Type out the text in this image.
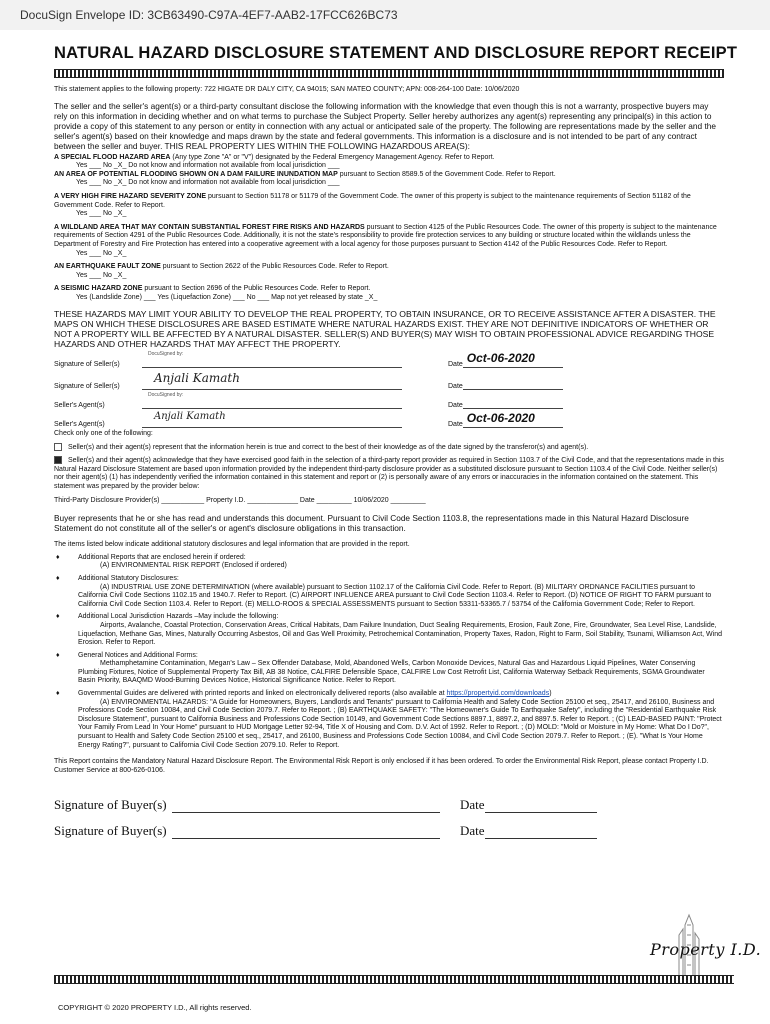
DocuSign Envelope ID: 3CB63490-C97A-4EF7-AAB2-17FCC626BC73
NATURAL HAZARD DISCLOSURE STATEMENT AND DISCLOSURE REPORT RECEIPT
This statement applies to the following property: 722 HIGATE DR DALY CITY, CA 94015; SAN MATEO COUNTY; APN: 008-264-100 Date: 10/06/2020
The seller and the seller's agent(s) or a third-party consultant disclose the following information with the knowledge that even though this is not a warranty, prospective buyers may rely on this information in deciding whether and on what terms to purchase the Subject Property. Seller hereby authorizes any agent(s) representing any principal(s) in this action to provide a copy of this statement to any person or entity in connection with any actual or anticipated sale of the property. The following are representations made by the seller and the seller's agent(s) based on their knowledge and maps drawn by the state and federal governments. This information is a disclosure and is not intended to be part of any contract between the seller and buyer. THIS REAL PROPERTY LIES WITHIN THE FOLLOWING HAZARDOUS AREA(S):
A SPECIAL FLOOD HAZARD AREA (Any type Zone "A" or "V") designated by the Federal Emergency Management Agency. Refer to Report.
Yes ___ No _X_ Do not know and information not available from local jurisdiction ___
AN AREA OF POTENTIAL FLOODING SHOWN ON A DAM FAILURE INUNDATION MAP pursuant to Section 8589.5 of the Government Code. Refer to Report.
Yes ___ No _X_ Do not know and information not available from local jurisdiction ___
A VERY HIGH FIRE HAZARD SEVERITY ZONE pursuant to Section 51178 or 51179 of the Government Code. The owner of this property is subject to the maintenance requirements of Section 51182 of the Government Code. Refer to Report.
Yes ___ No _X_
A WILDLAND AREA THAT MAY CONTAIN SUBSTANTIAL FOREST FIRE RISKS AND HAZARDS pursuant to Section 4125 of the Public Resources Code. The owner of this property is subject to the maintenance requirements of Section 4291 of the Public Resources Code. Additionally, it is not the state's responsibility to provide fire protection services to any building or structure located within the wildlands unless the Department of Forestry and Fire Protection has entered into a cooperative agreement with a local agency for those purposes pursuant to Section 4142 of the Public Resources Code. Refer to Report.
Yes ___ No _X_
AN EARTHQUAKE FAULT ZONE pursuant to Section 2622 of the Public Resources Code. Refer to Report.
Yes ___ No _X_
A SEISMIC HAZARD ZONE pursuant to Section 2696 of the Public Resources Code. Refer to Report.
Yes (Landslide Zone) ___ Yes (Liquefaction Zone) ___ No ___ Map not yet released by state _X_
THESE HAZARDS MAY LIMIT YOUR ABILITY TO DEVELOP THE REAL PROPERTY, TO OBTAIN INSURANCE, OR TO RECEIVE ASSISTANCE AFTER A DISASTER. THE MAPS ON WHICH THESE DISCLOSURES ARE BASED ESTIMATE WHERE NATURAL HAZARDS EXIST. THEY ARE NOT DEFINITIVE INDICATORS OF WHETHER OR NOT A PROPERTY WILL BE AFFECTED BY A NATURAL DISASTER. SELLER(S) AND BUYER(S) MAY WISH TO OBTAIN PROFESSIONAL ADVICE REGARDING THOSE HAZARDS AND OTHER HAZARDS THAT MAY AFFECT THE PROPERTY.
Signature of Seller(s)
DocuSigned by:
Date Oct-06-2020
Signature of Seller(s)
Anjali Kamath
Date
Seller's Agent(s)
DocuSigned by:
Date
Seller's Agent(s)
Anjali Kamath
Date Oct-06-2020
Check only one of the following:
Seller(s) and their agent(s) represent that the information herein is true and correct to the best of their knowledge as of the date signed by the transferor(s) and agent(s).
Seller(s) and their agent(s) acknowledge that they have exercised good faith in the selection of a third-party report provider as required in Section 1103.7 of the Civil Code, and that the representations made in this Natural Hazard Disclosure Statement are based upon information provided by the independent third-party disclosure provider as a substituted disclosure pursuant to Section 1103.4 of the Civil Code. Neither seller(s) nor their agent(s) (1) has independently verified the information contained in this statement and report or (2) is personally aware of any errors or inaccuracies in the information contained on the statement. This statement was prepared by the provider below:
Third-Party Disclosure Provider(s) ___________ Property I.D. _____________ Date _________ 10/06/2020 _________
Buyer represents that he or she has read and understands this document. Pursuant to Civil Code Section 1103.8, the representations made in this Natural Hazard Disclosure Statement do not constitute all of the seller's or agent's disclosure obligations in this transaction.
The items listed below indicate additional statutory disclosures and legal information that are provided in the report.
♦	Additional Reports that are enclosed herein if ordered:
(A) ENVIRONMENTAL RISK REPORT (Enclosed if ordered)
♦	Additional Statutory Disclosures:
(A) INDUSTRIAL USE ZONE DETERMINATION (where available) pursuant to Section 1102.17 of the California Civil Code. Refer to Report. (B) MILITARY ORDNANCE FACILITIES pursuant to California Civil Code Sections 1102.15 and 1940.7. Refer to Report. (C) AIRPORT INFLUENCE AREA pursuant to Civil Code Section 1103.4. Refer to Report. (D) NOTICE OF RIGHT TO FARM pursuant to California Civil Code Section 1103.4. Refer to Report. (E) MELLO-ROOS & SPECIAL ASSESSMENTS pursuant to Section 53311-53365.7 / 53754 of the California Government Code; Refer to Report.
♦	Additional Local Jurisdiction Hazards –May include the following:
Airports, Avalanche, Coastal Protection, Conservation Areas, Critical Habitats, Dam Failure Inundation, Duct Sealing Requirements, Erosion, Fault Zone, Fire, Groundwater, Sea Level Rise, Landslide, Liquefaction, Methane Gas, Mines, Naturally Occurring Asbestos, Oil and Gas Well Proximity, Petrochemical Contamination, Property Taxes, Radon, Right to Farm, Soil Stability, Tsunami, Williamson Act, Wind Erosion. Refer to Report.
♦	General Notices and Additional Forms:
Methamphetamine Contamination, Megan's Law – Sex Offender Database, Mold, Abandoned Wells, Carbon Monoxide Devices, Natural Gas and Hazardous Liquid Pipelines, Water Conserving Plumbing Fixtures, Notice of Supplemental Property Tax Bill, AB 38 Notice, CALFIRE Defensible Space, CALFIRE Low Cost Retrofit List, California Waterway Setback Requirements, SGMA Groundwater Basin Priority, BAAQMD Wood-Burning Devices Notice, Historical Significance Notice. Refer to Report.
♦	Governmental Guides are delivered with printed reports and linked on electronically delivered reports (also available at https://propertyid.com/downloads)
(A) ENVIRONMENTAL HAZARDS: "A Guide for Homeowners, Buyers, Landlords and Tenants" pursuant to California Health and Safety Code Section 25100 et seq., 25417, and 26100, Business and Professions Code Section 10084, and Civil Code Section 2079.7. Refer to Report. ; (B) EARTHQUAKE SAFETY: "The Homeowner's Guide To Earthquake Safety", including the "Residential Earthquake Risk Disclosure Statement", pursuant to California Business and Professions Code Section 10149, and Government Code Sections 8897.1, 8897.2, and 8897.5. Refer to Report. ; (C) LEAD-BASED PAINT: "Protect Your Family From Lead In Your Home" pursuant to HUD Mortgage Letter 92-94, Title X of Housing and Com. D.V. Act of 1992. Refer to Report. ; (D) MOLD: "Mold or Moisture in My Home: What Do I Do?", pursuant to Health and Safety Code Section 25100 et seq., 25417, and 26100, Business and Professions Code Section 10084, and Civil Code Section 2079.7. Refer to Report. ; (E). "What Is Your Home Energy Rating?", pursuant to California Civil Code Section 2079.10. Refer to Report.
This Report contains the Mandatory Natural Hazard Disclosure Report. The Environmental Risk Report is only enclosed if it has been ordered. To order the Environmental Risk Report, please contact Property I.D. Customer Service at 800-626-0106.
Signature of Buyer(s)	Date
Signature of Buyer(s)	Date
Property I.D.
COPYRIGHT © 2020 PROPERTY I.D., All rights reserved.
